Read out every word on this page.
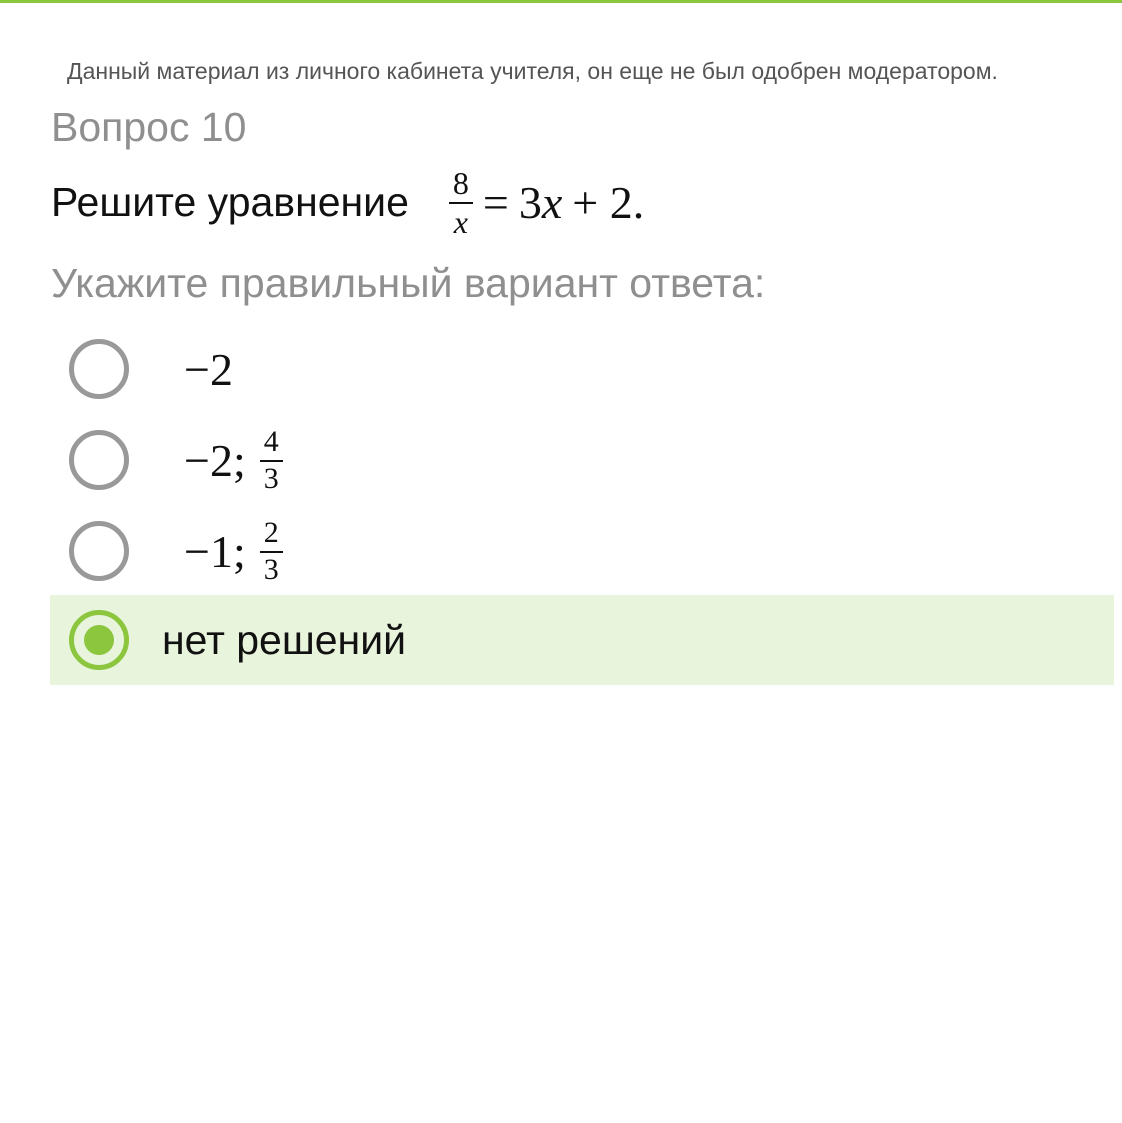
Данный материал из личного кабинета учителя, он еще не был одобрен модератором.
Вопрос 10
Решите уравнение $\frac{8}{x} = 3$ x + 2.
Укажите правильный вариант ответа:
−2
−2; $\frac{4}{3}$
−1; $\frac{2}{3}$
нет решений
